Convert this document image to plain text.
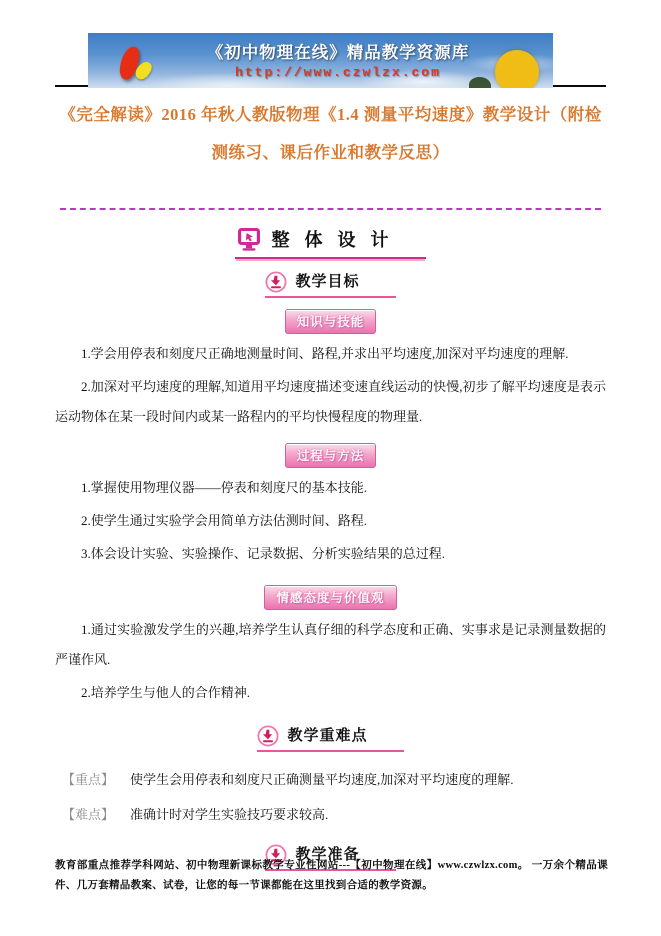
《初中物理在线》精品教学资源库
http://www.czwlzx.com
《完全解读》2016 年秋人教版物理《1.4 测量平均速度》教学设计（附检测练习、课后作业和教学反思）
整 体 设 计
教学目标
知识与技能

1.学会用停表和刻度尺正确地测量时间、路程,并求出平均速度,加深对平均速度的理解.

2.加深对平均速度的理解,知道用平均速度描述变速直线运动的快慢,初步了解平均速度是表示运动物体在某一段时间内或某一路程内的平均快慢程度的物理量.

过程与方法

1.掌握使用物理仪器——停表和刻度尺的基本技能.

2.使学生通过实验学会用简单方法估测时间、路程.

3.体会设计实验、实验操作、记录数据、分析实验结果的总过程.

情感态度与价值观

1.通过实验激发学生的兴趣,培养学生认真仔细的科学态度和正确、实事求是记录测量数据的严谨作风.

2.培养学生与他人的合作精神.

教学重难点
【重点】 使学生会用停表和刻度尺正确测量平均速度,加深对平均速度的理解.
【难点】 准确计时对学生实验技巧要求较高.
教学准备
教育部重点推荐学科网站、初中物理新课标教学专业性网站---【初中物理在线】www.czwlzx.com。 一万余个精品课件、几万套精品教案、试卷，让您的每一节课都能在这里找到合适的教学资源。
